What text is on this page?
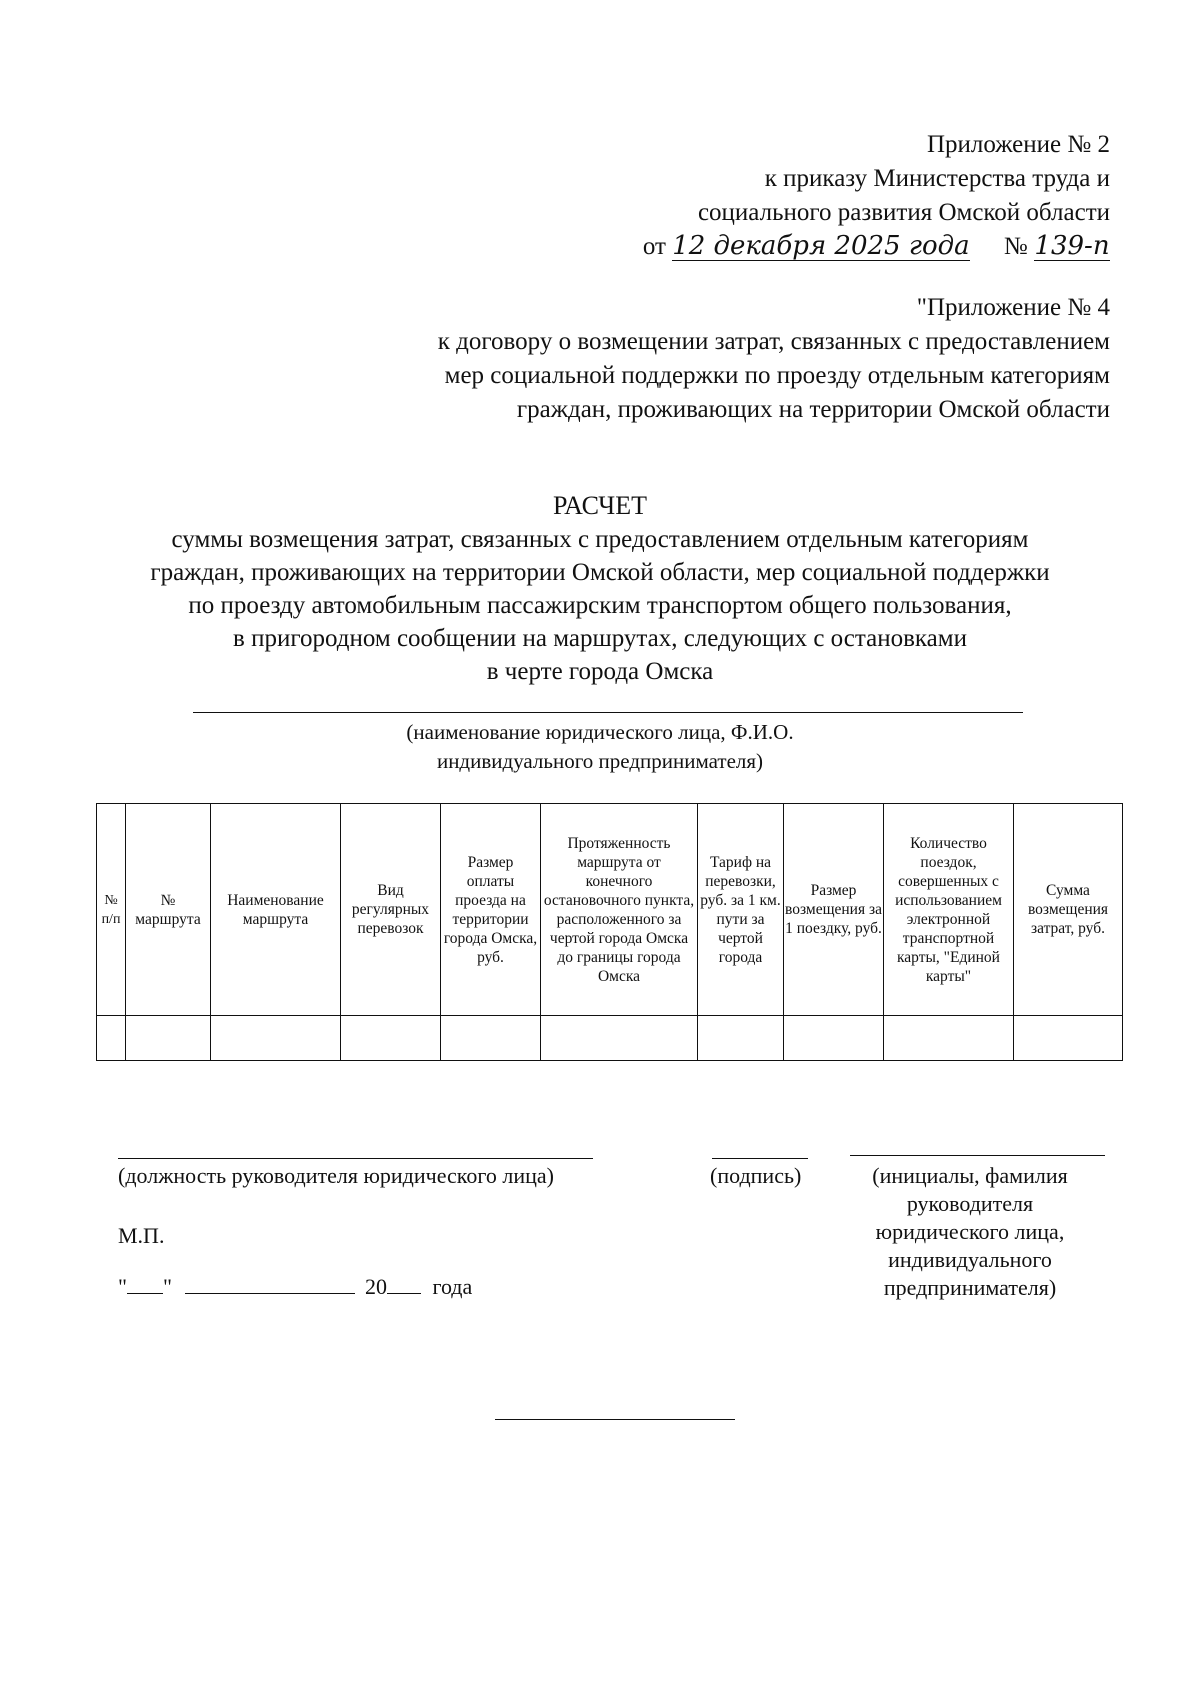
Приложение № 2
к приказу Министерства труда и
социального развития Омской области
от 12 декабря 2025 года № 139-п
"Приложение № 4
к договору о возмещении затрат, связанных с предоставлением
мер социальной поддержки по проезду отдельным категориям
граждан, проживающих на территории Омской области
РАСЧЕТ
суммы возмещения затрат, связанных с предоставлением отдельным категориям
граждан, проживающих на территории Омской области, мер социальной поддержки
по проезду автомобильным пассажирским транспортом общего пользования,
в пригородном сообщении на маршрутах, следующих с остановками
в черте города Омска
(наименование юридического лица, Ф.И.О.
индивидуального предпринимателя)
№ п/п	№ маршрута	Наименование маршрута	Вид регулярных перевозок	Размер оплаты проезда на территории города Омска, руб.	Протяженность маршрута от конечного остановочного пункта, расположенного за чертой города Омска до границы города Омска	Тариф на перевозки, руб. за 1 км. пути за чертой города	Размер возмещения за 1 поездку, руб.	Количество поездок, совершенных с использованием электронной транспортной карты, "Единой карты"	Сумма возмещения затрат, руб.

(должность руководителя юридического лица)	(подпись)	(инициалы, фамилия
руководителя
юридического лица,
индивидуального
предпринимателя)
М.П.
" "	20 года
